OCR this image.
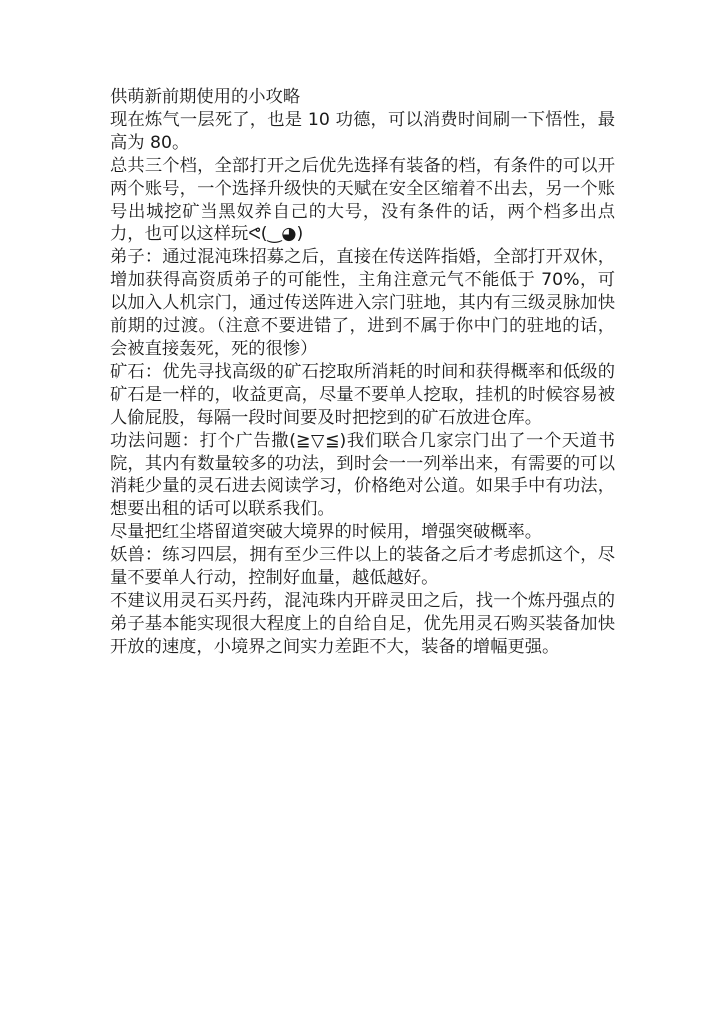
供萌新前期使用的小攻略

现在炼气一层死了，也是 10 功德，可以消费时间刷一下悟性，最高为 80。

总共三个档，全部打开之后优先选择有装备的档，有条件的可以开两个账号，一个选择升级快的天赋在安全区缩着不出去，另一个账号出城挖矿当黑奴养自己的大号，没有条件的话，两个档多出点力，也可以这样玩ᕙ(‿◕)

弟子：通过混沌珠招募之后，直接在传送阵指婚，全部打开双休，增加获得高资质弟子的可能性，主角注意元气不能低于 70%，可以加入人机宗门，通过传送阵进入宗门驻地，其内有三级灵脉加快前期的过渡。（注意不要进错了，进到不属于你中门的驻地的话，会被直接轰死，死的很惨）

矿石：优先寻找高级的矿石挖取所消耗的时间和获得概率和低级的矿石是一样的，收益更高，尽量不要单人挖取，挂机的时候容易被人偷屁股，每隔一段时间要及时把挖到的矿石放进仓库。

功法问题：打个广告撒(≧▽≦)我们联合几家宗门出了一个天道书院，其内有数量较多的功法，到时会一一列举出来，有需要的可以消耗少量的灵石进去阅读学习，价格绝对公道。如果手中有功法，想要出租的话可以联系我们。

尽量把红尘塔留道突破大境界的时候用，增强突破概率。

妖兽：练习四层，拥有至少三件以上的装备之后才考虑抓这个，尽量不要单人行动，控制好血量，越低越好。

不建议用灵石买丹药，混沌珠内开辟灵田之后，找一个炼丹强点的弟子基本能实现很大程度上的自给自足，优先用灵石购买装备加快开放的速度，小境界之间实力差距不大，装备的增幅更强。
